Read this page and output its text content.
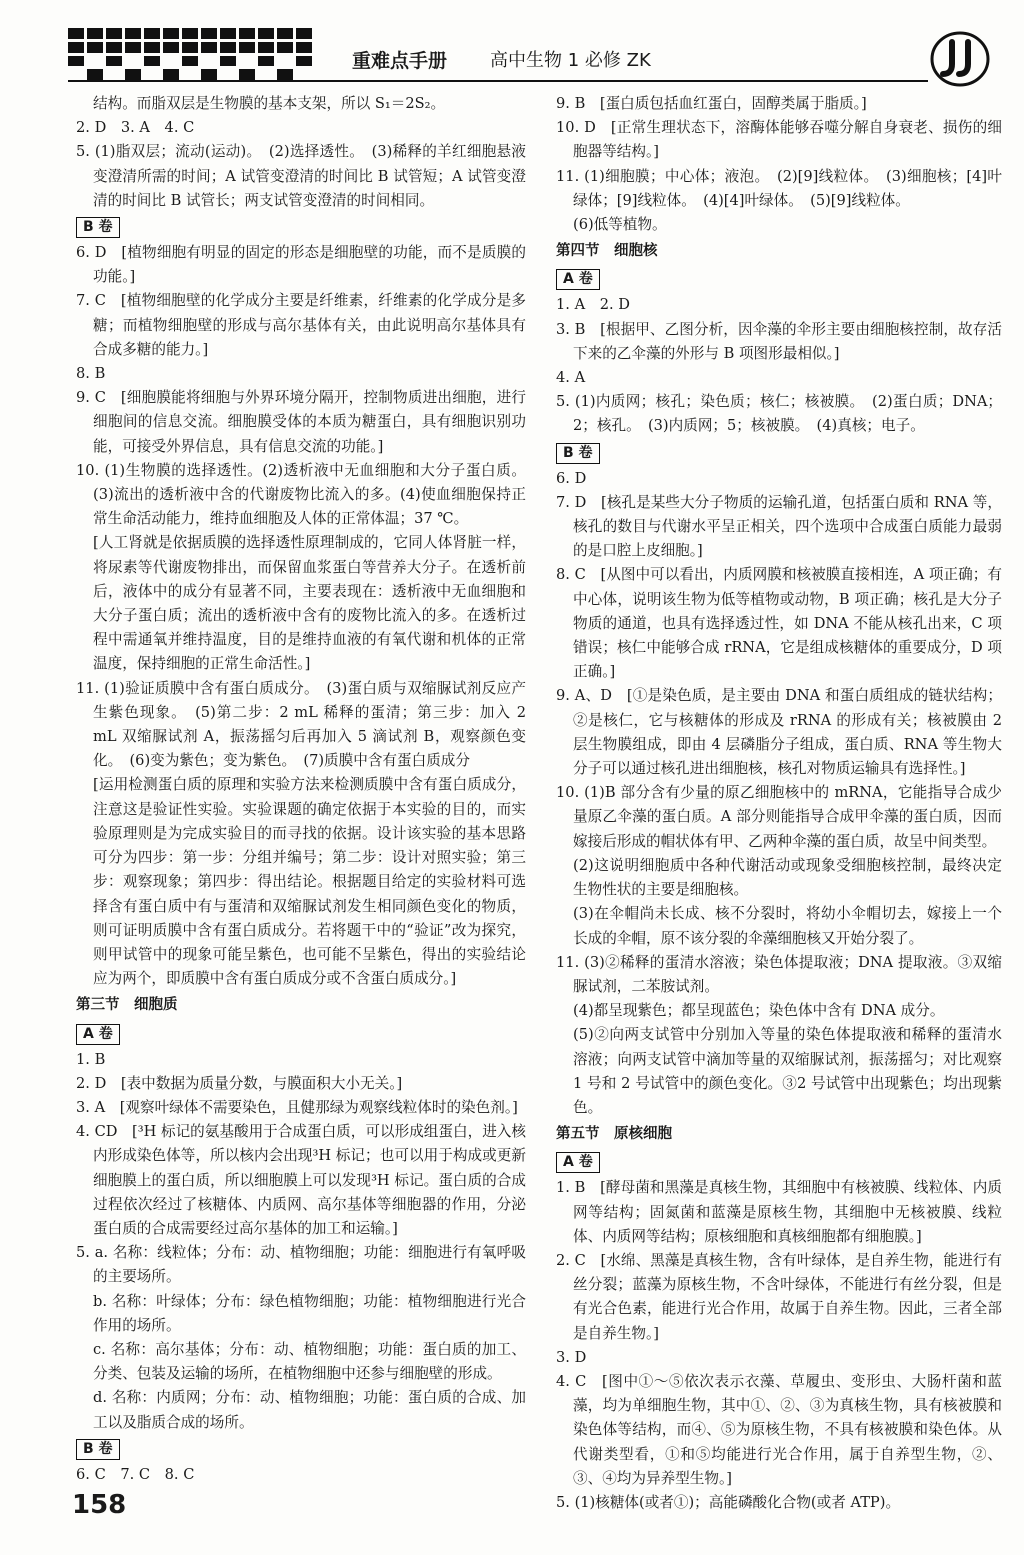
重难点手册 高中生物 1 必修 ZK

结构。而脂双层是生物膜的基本支架，所以 S₁＝2S₂。

2. D　3. A　4. C

5. (1)脂双层；流动(运动)。　(2)选择透性。　(3)稀释的羊红细胞悬液变澄清所需的时间；A 试管变澄清的时间比 B 试管短；A 试管变澄清的时间比 B 试管长；两支试管变澄清的时间相同。

B 卷

6. D　[植物细胞有明显的固定的形态是细胞壁的功能，而不是质膜的功能。]

7. C　[植物细胞壁的化学成分主要是纤维素，纤维素的化学成分是多糖；而植物细胞壁的形成与高尔基体有关，由此说明高尔基体具有合成多糖的能力。]

8. B

9. C　[细胞膜能将细胞与外界环境分隔开，控制物质进出细胞，进行细胞间的信息交流。细胞膜受体的本质为糖蛋白，具有细胞识别功能，可接受外界信息，具有信息交流的功能。]

10. (1)生物膜的选择透性。(2)透析液中无血细胞和大分子蛋白质。(3)流出的透析液中含的代谢废物比流入的多。(4)使血细胞保持正常生命活动能力，维持血细胞及人体的正常体温；37 ℃。

[人工肾就是依据质膜的选择透性原理制成的，它同人体肾脏一样，将尿素等代谢废物排出，而保留血浆蛋白等营养大分子。在透析前后，液体中的成分有显著不同，主要表现在：透析液中无血细胞和大分子蛋白质；流出的透析液中含有的废物比流入的多。在透析过程中需通氧并维持温度，目的是维持血液的有氧代谢和机体的正常温度，保持细胞的正常生命活性。]

11. (1)验证质膜中含有蛋白质成分。　(3)蛋白质与双缩脲试剂反应产生紫色现象。　(5)第二步：2 mL 稀释的蛋清；第三步：加入 2 mL 双缩脲试剂 A，振荡摇匀后再加入 5 滴试剂 B，观察颜色变化。　(6)变为紫色；变为紫色。　(7)质膜中含有蛋白质成分

[运用检测蛋白质的原理和实验方法来检测质膜中含有蛋白质成分，注意这是验证性实验。实验课题的确定依据于本实验的目的，而实验原理则是为完成实验目的而寻找的依据。设计该实验的基本思路可分为四步：第一步：分组并编号；第二步：设计对照实验；第三步：观察现象；第四步：得出结论。根据题目给定的实验材料可选择含有蛋白质中有与蛋清和双缩脲试剂发生相同颜色变化的物质，则可证明质膜中含有蛋白质成分。若将题干中的“验证”改为探究，则甲试管中的现象可能呈紫色，也可能不呈紫色，得出的实验结论应为两个，即质膜中含有蛋白质成分或不含蛋白质成分。]

第三节　细胞质

A 卷

1. B

2. D　[表中数据为质量分数，与膜面积大小无关。]

3. A　[观察叶绿体不需要染色，且健那绿为观察线粒体时的染色剂。]

4. CD　[³H 标记的氨基酸用于合成蛋白质，可以形成组蛋白，进入核内形成染色体等，所以核内会出现³H 标记；也可以用于构成或更新细胞膜上的蛋白质，所以细胞膜上可以发现³H 标记。蛋白质的合成过程依次经过了核糖体、内质网、高尔基体等细胞器的作用，分泌蛋白质的合成需要经过高尔基体的加工和运输。]

5. a. 名称：线粒体；分布：动、植物细胞；功能：细胞进行有氧呼吸的主要场所。

b. 名称：叶绿体；分布：绿色植物细胞；功能：植物细胞进行光合作用的场所。

c. 名称：高尔基体；分布：动、植物细胞；功能：蛋白质的加工、分类、包装及运输的场所，在植物细胞中还参与细胞壁的形成。

d. 名称：内质网；分布：动、植物细胞；功能：蛋白质的合成、加工以及脂质合成的场所。

B 卷

6. C　7. C　8. C

9. B　[蛋白质包括血红蛋白，固醇类属于脂质。]

10. D　[正常生理状态下，溶酶体能够吞噬分解自身衰老、损伤的细胞器等结构。]

11. (1)细胞膜；中心体；液泡。　(2)[9]线粒体。　(3)细胞核；[4]叶绿体；[9]线粒体。　(4)[4]叶绿体。　(5)[9]线粒体。

(6)低等植物。

第四节　细胞核

A 卷

1. A　2. D

3. B　[根据甲、乙图分析，因伞藻的伞形主要由细胞核控制，故存活下来的乙伞藻的外形与 B 项图形最相似。]

4. A

5. (1)内质网；核孔；染色质；核仁；核被膜。　(2)蛋白质；DNA；2；核孔。　(3)内质网；5；核被膜。　(4)真核；电子。

B 卷

6. D

7. D　[核孔是某些大分子物质的运输孔道，包括蛋白质和 RNA 等，核孔的数目与代谢水平呈正相关，四个选项中合成蛋白质能力最弱的是口腔上皮细胞。]

8. C　[从图中可以看出，内质网膜和核被膜直接相连，A 项正确；有中心体，说明该生物为低等植物或动物，B 项正确；核孔是大分子物质的通道，也具有选择透过性，如 DNA 不能从核孔出来，C 项错误；核仁中能够合成 rRNA，它是组成核糖体的重要成分，D 项正确。]

9. A、D　[①是染色质，是主要由 DNA 和蛋白质组成的链状结构；②是核仁，它与核糖体的形成及 rRNA 的形成有关；核被膜由 2 层生物膜组成，即由 4 层磷脂分子组成，蛋白质、RNA 等生物大分子可以通过核孔进出细胞核，核孔对物质运输具有选择性。]

10. (1)B 部分含有少量的原乙细胞核中的 mRNA，它能指导合成少量原乙伞藻的蛋白质。A 部分则能指导合成甲伞藻的蛋白质，因而嫁接后形成的帽状体有甲、乙两种伞藻的蛋白质，故呈中间类型。

(2)这说明细胞质中各种代谢活动或现象受细胞核控制，最终决定生物性状的主要是细胞核。

(3)在伞帽尚未长成、核不分裂时，将幼小伞帽切去，嫁接上一个长成的伞帽，原不该分裂的伞藻细胞核又开始分裂了。

11. (3)②稀释的蛋清水溶液；染色体提取液；DNA 提取液。③双缩脲试剂，二苯胺试剂。

(4)都呈现紫色；都呈现蓝色；染色体中含有 DNA 成分。

(5)②向两支试管中分别加入等量的染色体提取液和稀释的蛋清水溶液；向两支试管中滴加等量的双缩脲试剂，振荡摇匀；对比观察 1 号和 2 号试管中的颜色变化。③2 号试管中出现紫色；均出现紫色。

第五节　原核细胞

A 卷

1. B　[酵母菌和黑藻是真核生物，其细胞中有核被膜、线粒体、内质网等结构；固氮菌和蓝藻是原核生物，其细胞中无核被膜、线粒体、内质网等结构；原核细胞和真核细胞都有细胞膜。]

2. C　[水绵、黑藻是真核生物，含有叶绿体，是自养生物，能进行有丝分裂；蓝藻为原核生物，不含叶绿体，不能进行有丝分裂，但是有光合色素，能进行光合作用，故属于自养生物。因此，三者全部是自养生物。]

3. D

4. C　[图中①～⑤依次表示衣藻、草履虫、变形虫、大肠杆菌和蓝藻，均为单细胞生物，其中①、②、③为真核生物，具有核被膜和染色体等结构，而④、⑤为原核生物，不具有核被膜和染色体。从代谢类型看，①和⑤均能进行光合作用，属于自养型生物，②、③、④均为异养型生物。]

5. (1)核糖体(或者①)；高能磷酸化合物(或者 ATP)。

158
